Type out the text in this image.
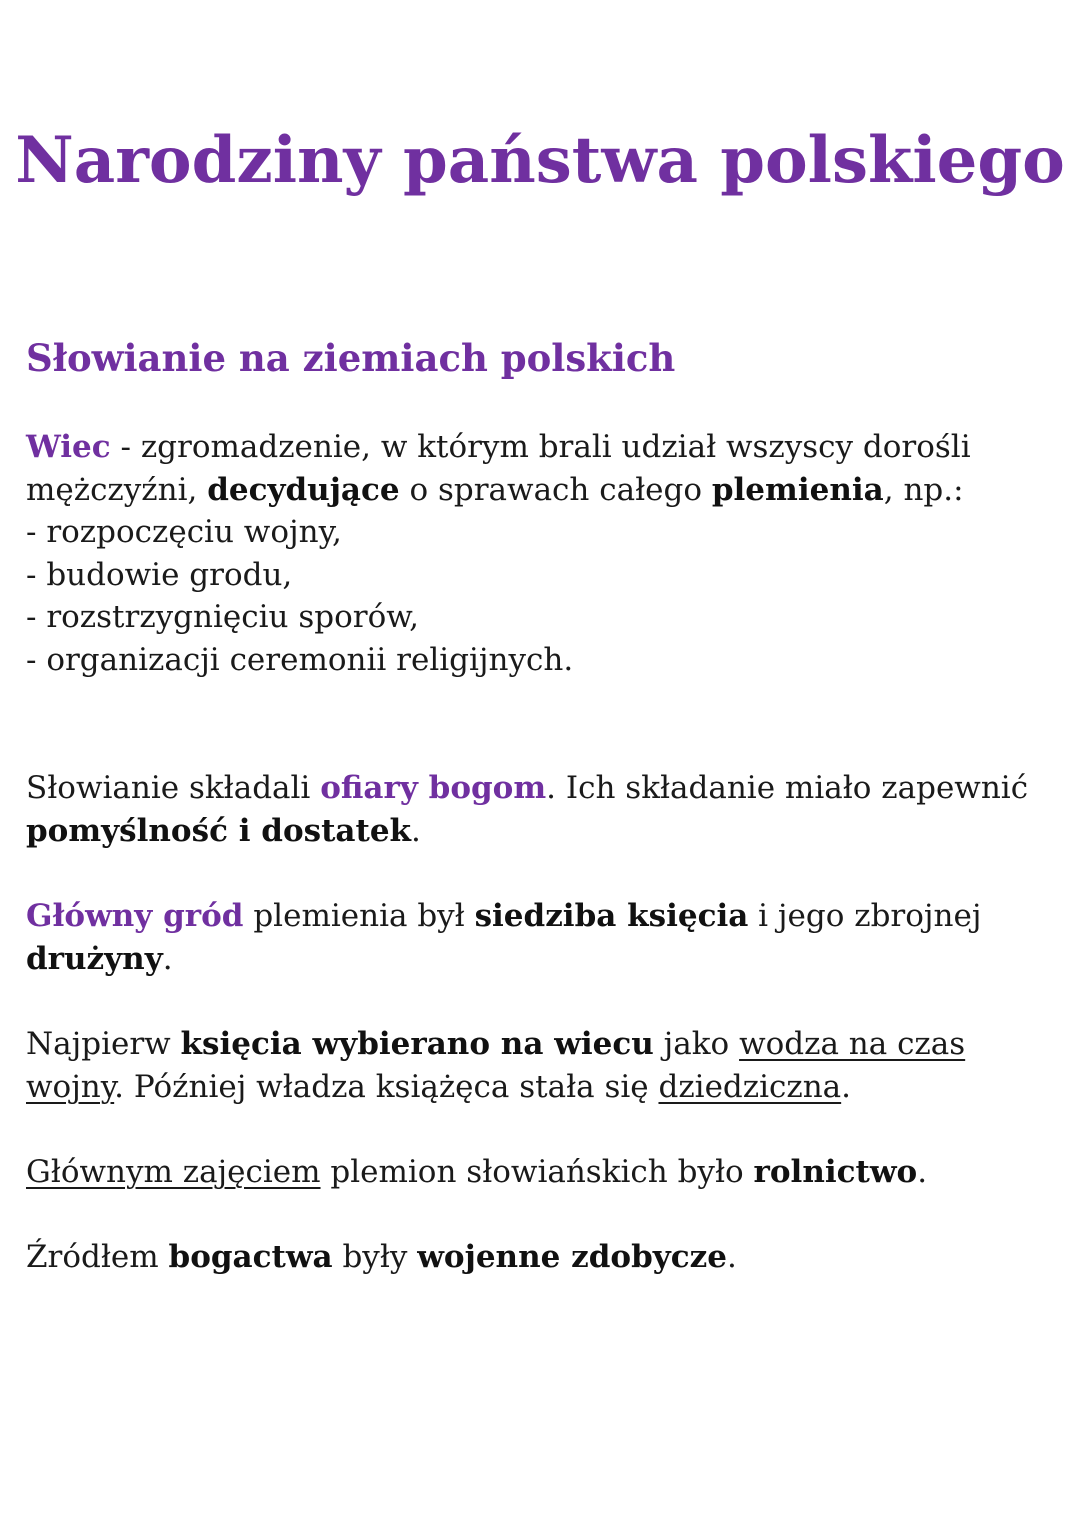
Narodziny państwa polskiego
Słowianie na ziemiach polskich
Wiec - zgromadzenie, w którym brali udział wszyscy dorośli mężczyźni, decydujące o sprawach całego plemienia, np.:
- rozpoczęciu wojny,
- budowie grodu,
- rozstrzygnięciu sporów,
- organizacji ceremonii religijnych.

Słowianie składali ofiary bogom. Ich składanie miało zapewnić pomyślność i dostatek.

Główny gród plemienia był siedziba księcia i jego zbrojnej drużyny.

Najpierw księcia wybierano na wiecu jako wodza na czas wojny. Później władza książęca stała się dziedziczna.

Głównym zajęciem plemion słowiańskich było rolnictwo.

Źródłem bogactwa były wojenne zdobycze.
